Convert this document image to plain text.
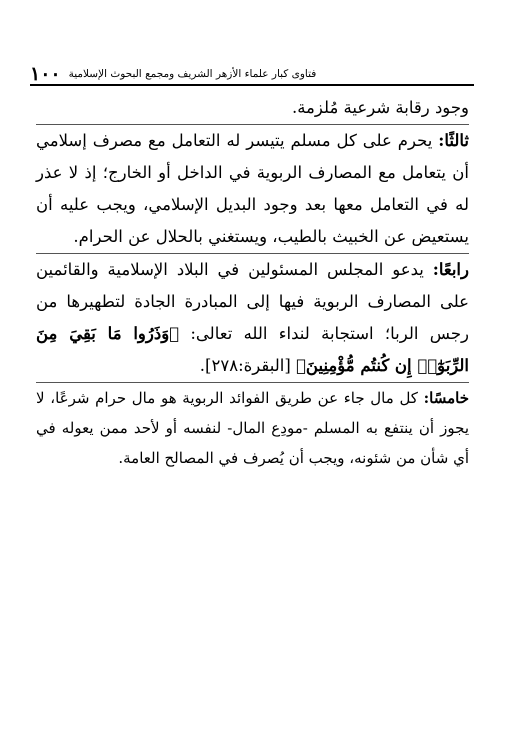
١٠٠ فتاوى كبار علماء الأزهر الشريف ومجمع البحوث الإسلامية

وجود رقابة شرعية مُلزمة.

ثالثًا: يحرم على كل مسلم يتيسر له التعامل مع مصرف إسلامي أن يتعامل مع المصارف الربوية في الداخل أو الخارج؛ إذ لا عذر له في التعامل معها بعد وجود البديل الإسلامي، ويجب عليه أن يستعيض عن الخبيث بالطيب، ويستغني بالحلال عن الحرام.

رابعًا: يدعو المجلس المسئولين في البلاد الإسلامية والقائمين على المصارف الربوية فيها إلى المبادرة الجادة لتطهيرها من رجس الربا؛ استجابة لنداء الله تعالى: ﴿وَذَرُوا مَا بَقِيَ مِنَ الرِّبَوٰٓا۟ إِن كُنتُم مُّؤْمِنِينَ﴾ [البقرة:٢٧٨].

خامسًا: كل مال جاء عن طريق الفوائد الربوية هو مال حرام شرعًا، لا يجوز أن ينتفع به المسلم -مودِع المال- لنفسه أو لأحد ممن يعوله في أي شأن من شئونه، ويجب أن يُصرف في المصالح العامة.
